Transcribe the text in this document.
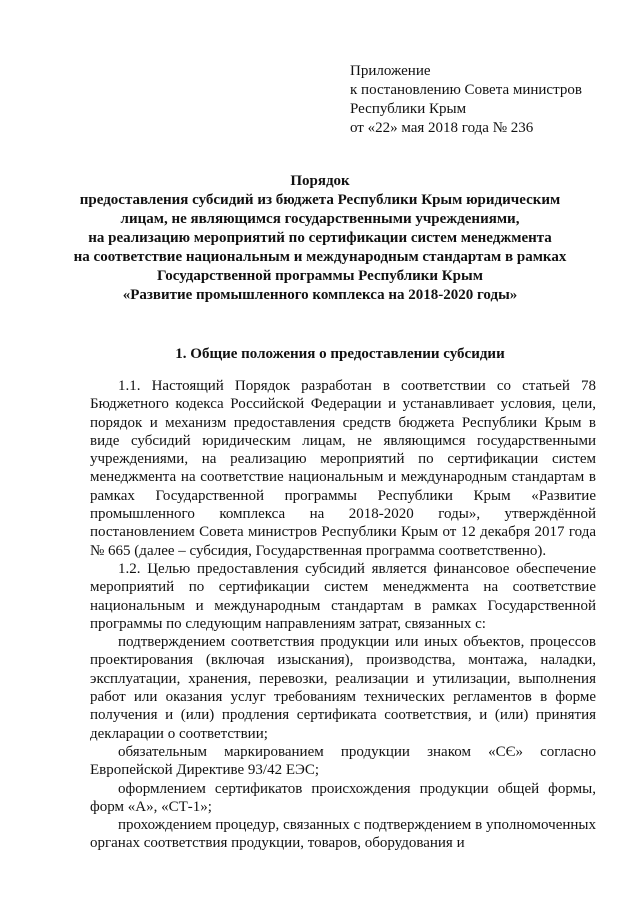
Приложение
к постановлению Совета министров
Республики Крым
от «22» мая 2018 года № 236
Порядок
предоставления субсидий из бюджета Республики Крым юридическим
лицам, не являющимся государственными учреждениями,
на реализацию мероприятий по сертификации систем менеджмента
на соответствие национальным и международным стандартам в рамках
Государственной программы Республики Крым
«Развитие промышленного комплекса на 2018-2020 годы»
1. Общие положения о предоставлении субсидии

1.1. Настоящий Порядок разработан в соответствии со статьей 78 Бюджетного кодекса Российской Федерации и устанавливает условия, цели, порядок и механизм предоставления средств бюджета Республики Крым в виде субсидий юридическим лицам, не являющимся государственными учреждениями, на реализацию мероприятий по сертификации систем менеджмента на соответствие национальным и международным стандартам в рамках Государственной программы Республики Крым «Развитие промышленного комплекса на 2018-2020 годы», утверждённой постановлением Совета министров Республики Крым от 12 декабря 2017 года № 665 (далее – субсидия, Государственная программа соответственно).

1.2. Целью предоставления субсидий является финансовое обеспечение мероприятий по сертификации систем менеджмента на соответствие национальным и международным стандартам в рамках Государственной программы по следующим направлениям затрат, связанных с:

подтверждением соответствия продукции или иных объектов, процессов проектирования (включая изыскания), производства, монтажа, наладки, эксплуатации, хранения, перевозки, реализации и утилизации, выполнения работ или оказания услуг требованиям технических регламентов в форме получения и (или) продления сертификата соответствия, и (или) принятия декларации о соответствии;

обязательным маркированием продукции знаком «СЄ» согласно Европейской Директиве 93/42 ЕЭС;

оформлением сертификатов происхождения продукции общей формы, форм «А», «СТ-1»;

прохождением процедур, связанных с подтверждением в уполномоченных органах соответствия продукции, товаров, оборудования и
